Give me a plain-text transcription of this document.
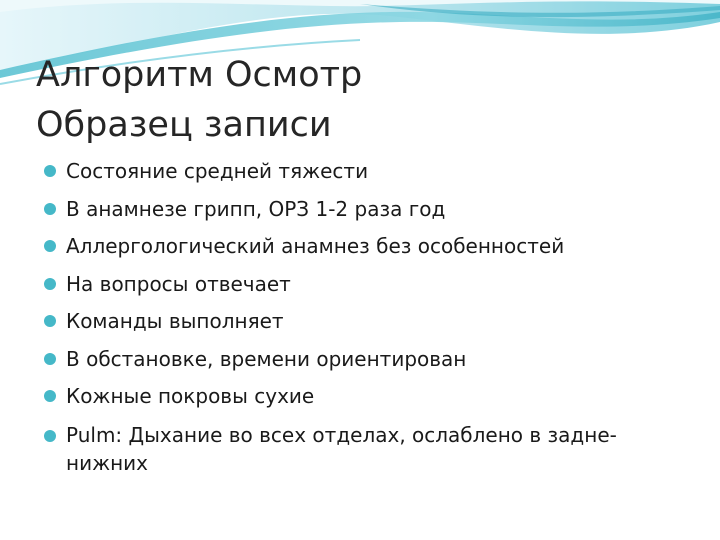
Алгоритм Осмотр
Образец записи
Состояние средней тяжести
В анамнезе грипп, ОРЗ 1-2 раза год
Аллергологический анамнез без особенностей
На вопросы отвечает
Команды выполняет
В обстановке, времени ориентирован
Кожные покровы сухие
Pulm: Дыхание во всех отделах, ослаблено в задне-нижних
